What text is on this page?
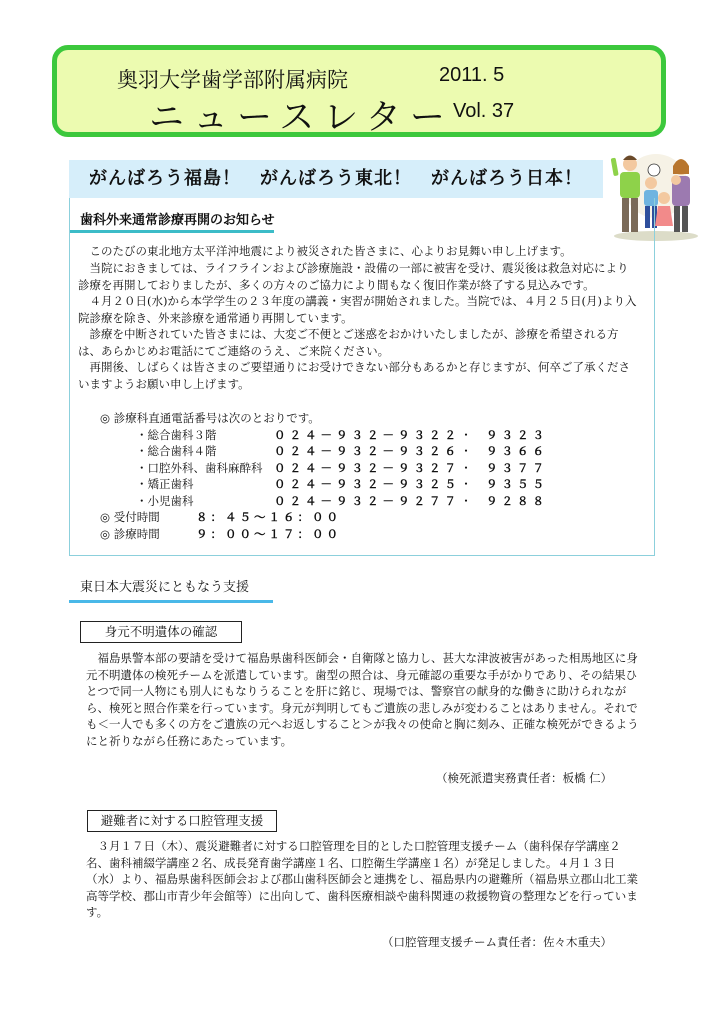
奥羽大学歯学部附属病院
ニュースレター
2011. 5
Vol. 37
がんばろう福島！　がんばろう東北！　がんばろう日本！
歯科外来通常診療再開のお知らせ
このたびの東北地方太平洋沖地震により被災された皆さまに、心よりお見舞い申し上げます。
当院におきましては、ライフラインおよび診療施設・設備の一部に被害を受け、震災後は救急対応により診療を再開しておりましたが、多くの方々のご協力により間もなく復旧作業が終了する見込みです。
４月２０日(水)から本学学生の２３年度の講義・実習が開始されました。当院では、４月２５日(月)より入院診療を除き、外来診療を通常通り再開しています。
診療を中断されていた皆さまには、大変ご不便とご迷惑をおかけいたしましたが、診療を希望される方は、あらかじめお電話にてご連絡のうえ、ご来院ください。
再開後、しばらくは皆さまのご要望通りにお受けできない部分もあるかと存じますが、何卒ご了承くださいますようお願い申し上げます。
◎ 診療科直通電話番号は次のとおりです。
・総合歯科３階	０２４－９３２－９３２２ ・	９３２３
・総合歯科４階	０２４－９３２－９３２６ ・	９３６６
・口腔外科、歯科麻酔科	０２４－９３２－９３２７ ・	９３７７
・矯正歯科	０２４－９３２－９３２５ ・	９３５５
・小児歯科	０２４－９３２－９２７７ ・	９２８８
◎ 受付時間	８：４５～１６：００
◎ 診療時間	９：００～１７：００
東日本大震災にともなう支援
身元不明遺体の確認
福島県警本部の要請を受けて福島県歯科医師会・自衛隊と協力し、甚大な津波被害があった相馬地区に身元不明遺体の検死チームを派遣しています。歯型の照合は、身元確認の重要な手がかりであり、その結果ひとつで同一人物にも別人にもなりうることを肝に銘じ、現場では、警察官の献身的な働きに助けられながら、検死と照合作業を行っています。身元が判明してもご遺族の悲しみが変わることはありません。それでも＜一人でも多くの方をご遺族の元へお返しすること＞が我々の使命と胸に刻み、正確な検死ができるようにと祈りながら任務にあたっています。
（検死派遣実務責任者：板橋 仁）
避難者に対する口腔管理支援
３月１７日（木）、震災避難者に対する口腔管理を目的とした口腔管理支援チーム（歯科保存学講座２名、歯科補綴学講座２名、成長発育歯学講座１名、口腔衛生学講座１名）が発足しました。４月１３日（水）より、福島県歯科医師会および郡山歯科医師会と連携をし、福島県内の避難所（福島県立郡山北工業高等学校、郡山市青少年会館等）に出向して、歯科医療相談や歯科関連の救援物資の整理などを行っています。
（口腔管理支援チーム責任者：佐々木重夫）
